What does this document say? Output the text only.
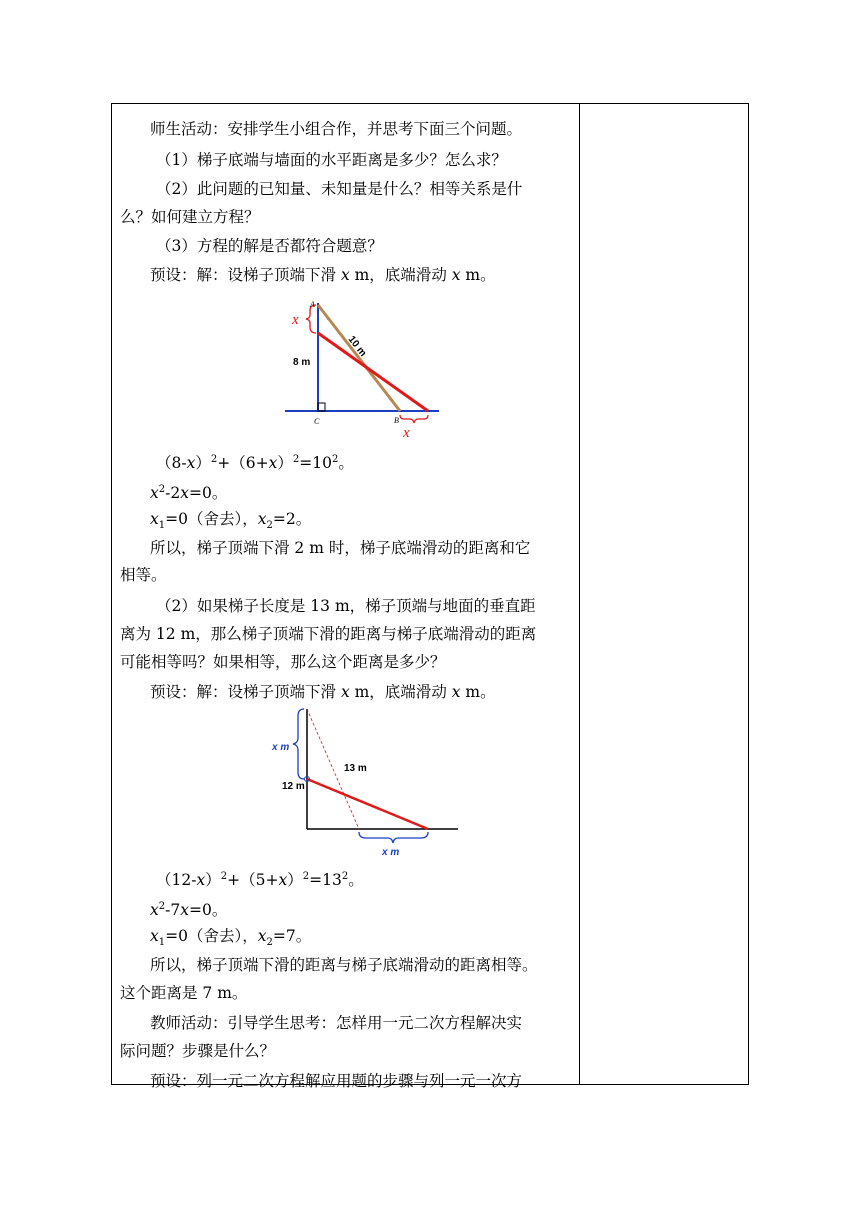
师生活动：安排学生小组合作，并思考下面三个问题。
（1）梯子底端与墙面的水平距离是多少？怎么求？
（2）此问题的已知量、未知量是什么？相等关系是什
么？如何建立方程？
（3）方程的解是否都符合题意？
预设：解：设梯子顶端下滑 x m，底端滑动 x m。
A
B
C
x
x
8 m
10 m
$(8-x)^2+(6+x)^2=10^2$。
$x^2-2x=0$。
$x_1=0$（舍去），$x_2=2$。
所以，梯子顶端下滑 2 m 时，梯子底端滑动的距离和它
相等。
（2）如果梯子长度是 13 m，梯子顶端与地面的垂直距
离为 12 m，那么梯子顶端下滑的距离与梯子底端滑动的距离
可能相等吗？如果相等，那么这个距离是多少？
预设：解：设梯子顶端下滑 x m，底端滑动 x m。
x m
x m
13 m
12 m
$(12-x)^2+(5+x)^2=13^2$。
$x^2-7x=0$。
$x_1=0$（舍去），$x_2=7$。
所以，梯子顶端下滑的距离与梯子底端滑动的距离相等。
这个距离是 7 m。
教师活动：引导学生思考：怎样用一元二次方程解决实
际问题？步骤是什么？
预设：列一元二次方程解应用题的步骤与列一元一次方
